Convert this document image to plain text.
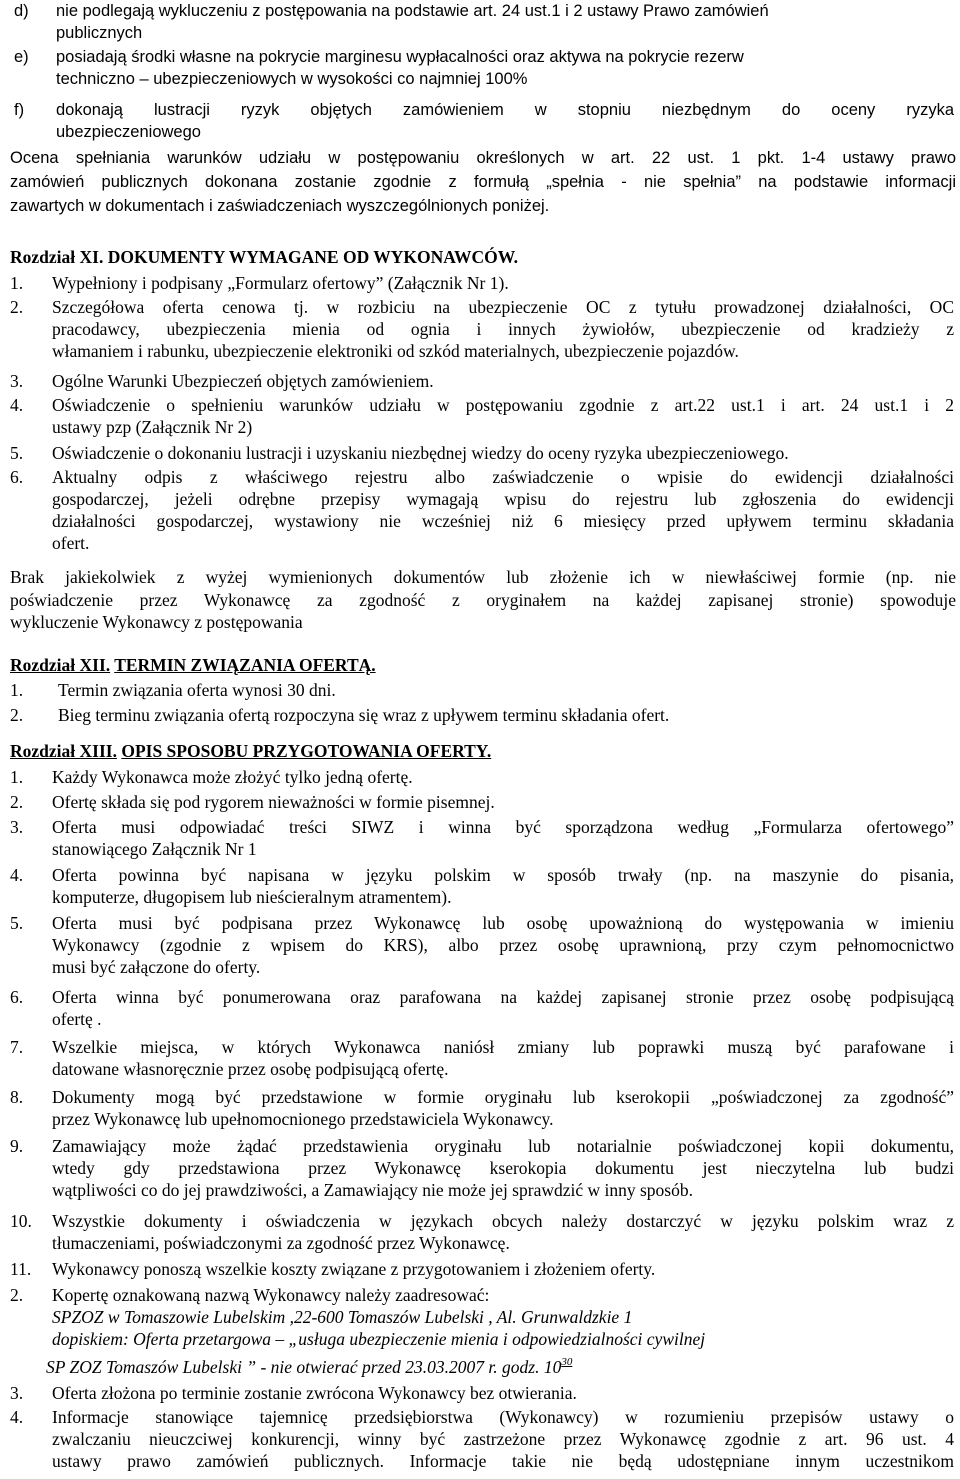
d) nie podlegają wykluczeniu z postępowania na podstawie art. 24 ust.1 i 2 ustawy Prawo zamówień
publicznych
e) posiadają środki własne na pokrycie marginesu wypłacalności oraz aktywa na pokrycie rezerw
techniczno – ubezpieczeniowych w wysokości co najmniej 100%
f) dokonają lustracji ryzyk objętych zamówieniem w stopniu niezbędnym do oceny ryzyka
ubezpieczeniowego
Ocena spełniania warunków udziału w postępowaniu określonych w art. 22 ust. 1 pkt. 1-4 ustawy prawo
zamówień publicznych dokonana zostanie zgodnie z formułą „spełnia - nie spełnia” na podstawie informacji
zawartych w dokumentach i zaświadczeniach wyszczególnionych poniżej.
Rozdział XI. DOKUMENTY WYMAGANE OD WYKONAWCÓW.
1. Wypełniony i podpisany „Formularz ofertowy” (Załącznik Nr 1).
2. Szczegółowa oferta cenowa tj. w rozbiciu na ubezpieczenie OC z tytułu prowadzonej działalności, OC
pracodawcy, ubezpieczenia mienia od ognia i innych żywiołów, ubezpieczenie od kradzieży z
włamaniem i rabunku, ubezpieczenie elektroniki od szkód materialnych, ubezpieczenie pojazdów.
3. Ogólne Warunki Ubezpieczeń objętych zamówieniem.
4. Oświadczenie o spełnieniu warunków udziału w postępowaniu zgodnie z art.22 ust.1 i art. 24 ust.1 i 2
ustawy pzp (Załącznik Nr 2)
5. Oświadczenie o dokonaniu lustracji i uzyskaniu niezbędnej wiedzy do oceny ryzyka ubezpieczeniowego.
6. Aktualny odpis z właściwego rejestru albo zaświadczenie o wpisie do ewidencji działalności
gospodarczej, jeżeli odrębne przepisy wymagają wpisu do rejestru lub zgłoszenia do ewidencji
działalności gospodarczej, wystawiony nie wcześniej niż 6 miesięcy przed upływem terminu składania
ofert.
Brak jakiekolwiek z wyżej wymienionych dokumentów lub złożenie ich w niewłaściwej formie (np. nie
poświadczenie przez Wykonawcę za zgodność z oryginałem na każdej zapisanej stronie) spowoduje
wykluczenie Wykonawcy z postępowania
Rozdział XII. TERMIN ZWIĄZANIA OFERTĄ.
1. Termin związania oferta wynosi 30 dni.
2. Bieg terminu związania ofertą rozpoczyna się wraz z upływem terminu składania ofert.
Rozdział XIII. OPIS SPOSOBU PRZYGOTOWANIA OFERTY.
1. Każdy Wykonawca może złożyć tylko jedną ofertę.
2. Ofertę składa się pod rygorem nieważności w formie pisemnej.
3. Oferta musi odpowiadać treści SIWZ i winna być sporządzona według „Formularza ofertowego”
stanowiącego Załącznik Nr 1
4. Oferta powinna być napisana w języku polskim w sposób trwały (np. na maszynie do pisania,
komputerze, długopisem lub nieścieralnym atramentem).
5. Oferta musi być podpisana przez Wykonawcę lub osobę upoważnioną do występowania w imieniu
Wykonawcy (zgodnie z wpisem do KRS), albo przez osobę uprawnioną, przy czym pełnomocnictwo
musi być załączone do oferty.
6. Oferta winna być ponumerowana oraz parafowana na każdej zapisanej stronie przez osobę podpisującą
ofertę .
7. Wszelkie miejsca, w których Wykonawca naniósł zmiany lub poprawki muszą być parafowane i
datowane własnoręcznie przez osobę podpisującą ofertę.
8. Dokumenty mogą być przedstawione w formie oryginału lub kserokopii „poświadczonej za zgodność”
przez Wykonawcę lub upełnomocnionego przedstawiciela Wykonawcy.
9. Zamawiający może żądać przedstawienia oryginału lub notarialnie poświadczonej kopii dokumentu,
wtedy gdy przedstawiona przez Wykonawcę kserokopia dokumentu jest nieczytelna lub budzi
wątpliwości co do jej prawdziwości, a Zamawiający nie może jej sprawdzić w inny sposób.
10. Wszystkie dokumenty i oświadczenia w językach obcych należy dostarczyć w języku polskim wraz z
tłumaczeniami, poświadczonymi za zgodność przez Wykonawcę.
11. Wykonawcy ponoszą wszelkie koszty związane z przygotowaniem i złożeniem oferty.
2. Kopertę oznakowaną nazwą Wykonawcy należy zaadresować:
SPZOZ w Tomaszowie Lubelskim ,22-600 Tomaszów Lubelski , Al. Grunwaldzkie 1
dopiskiem: Oferta przetargowa – „usługa ubezpieczenie mienia i odpowiedzialności cywilnej
SP ZOZ Tomaszów Lubelski ” - nie otwierać przed 23.03.2007 r. godz. $10^{30}$
3. Oferta złożona po terminie zostanie zwrócona Wykonawcy bez otwierania.
4. Informacje stanowiące tajemnicę przedsiębiorstwa (Wykonawcy) w rozumieniu przepisów ustawy o
zwalczaniu nieuczciwej konkurencji, winny być zastrzeżone przez Wykonawcę zgodnie z art. 96 ust. 4
ustawy prawo zamówień publicznych. Informacje takie nie będą udostępniane innym uczestnikom
